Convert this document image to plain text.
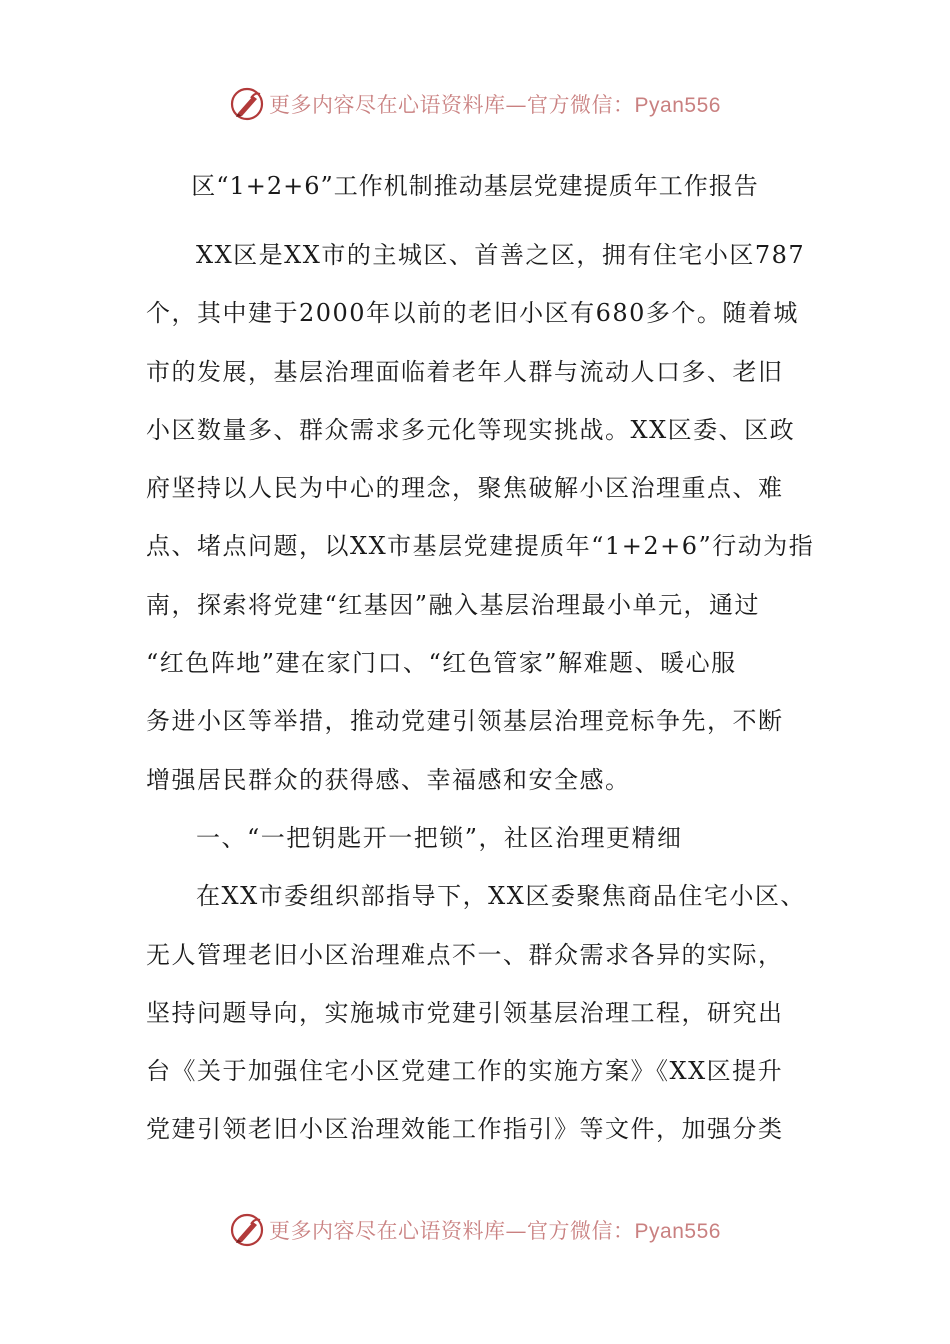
更多内容尽在心语资料库—官方微信：Pyan556
区“1+2+6”工作机制推动基层党建提质年工作报告
XX区是XX市的主城区、首善之区，拥有住宅小区787
个，其中建于2000年以前的老旧小区有680多个。随着城
市的发展，基层治理面临着老年人群与流动人口多、老旧
小区数量多、群众需求多元化等现实挑战。XX区委、区政
府坚持以人民为中心的理念，聚焦破解小区治理重点、难
点、堵点问题，以XX市基层党建提质年“1+2+6”行动为指
南，探索将党建“红基因”融入基层治理最小单元，通过
“红色阵地”建在家门口、“红色管家”解难题、暖心服
务进小区等举措，推动党建引领基层治理竞标争先，不断
增强居民群众的获得感、幸福感和安全感。
一、“一把钥匙开一把锁”，社区治理更精细
在XX市委组织部指导下，XX区委聚焦商品住宅小区、
无人管理老旧小区治理难点不一、群众需求各异的实际，
坚持问题导向，实施城市党建引领基层治理工程，研究出
台《关于加强住宅小区党建工作的实施方案》《XX区提升
党建引领老旧小区治理效能工作指引》等文件，加强分类
更多内容尽在心语资料库—官方微信：Pyan556
